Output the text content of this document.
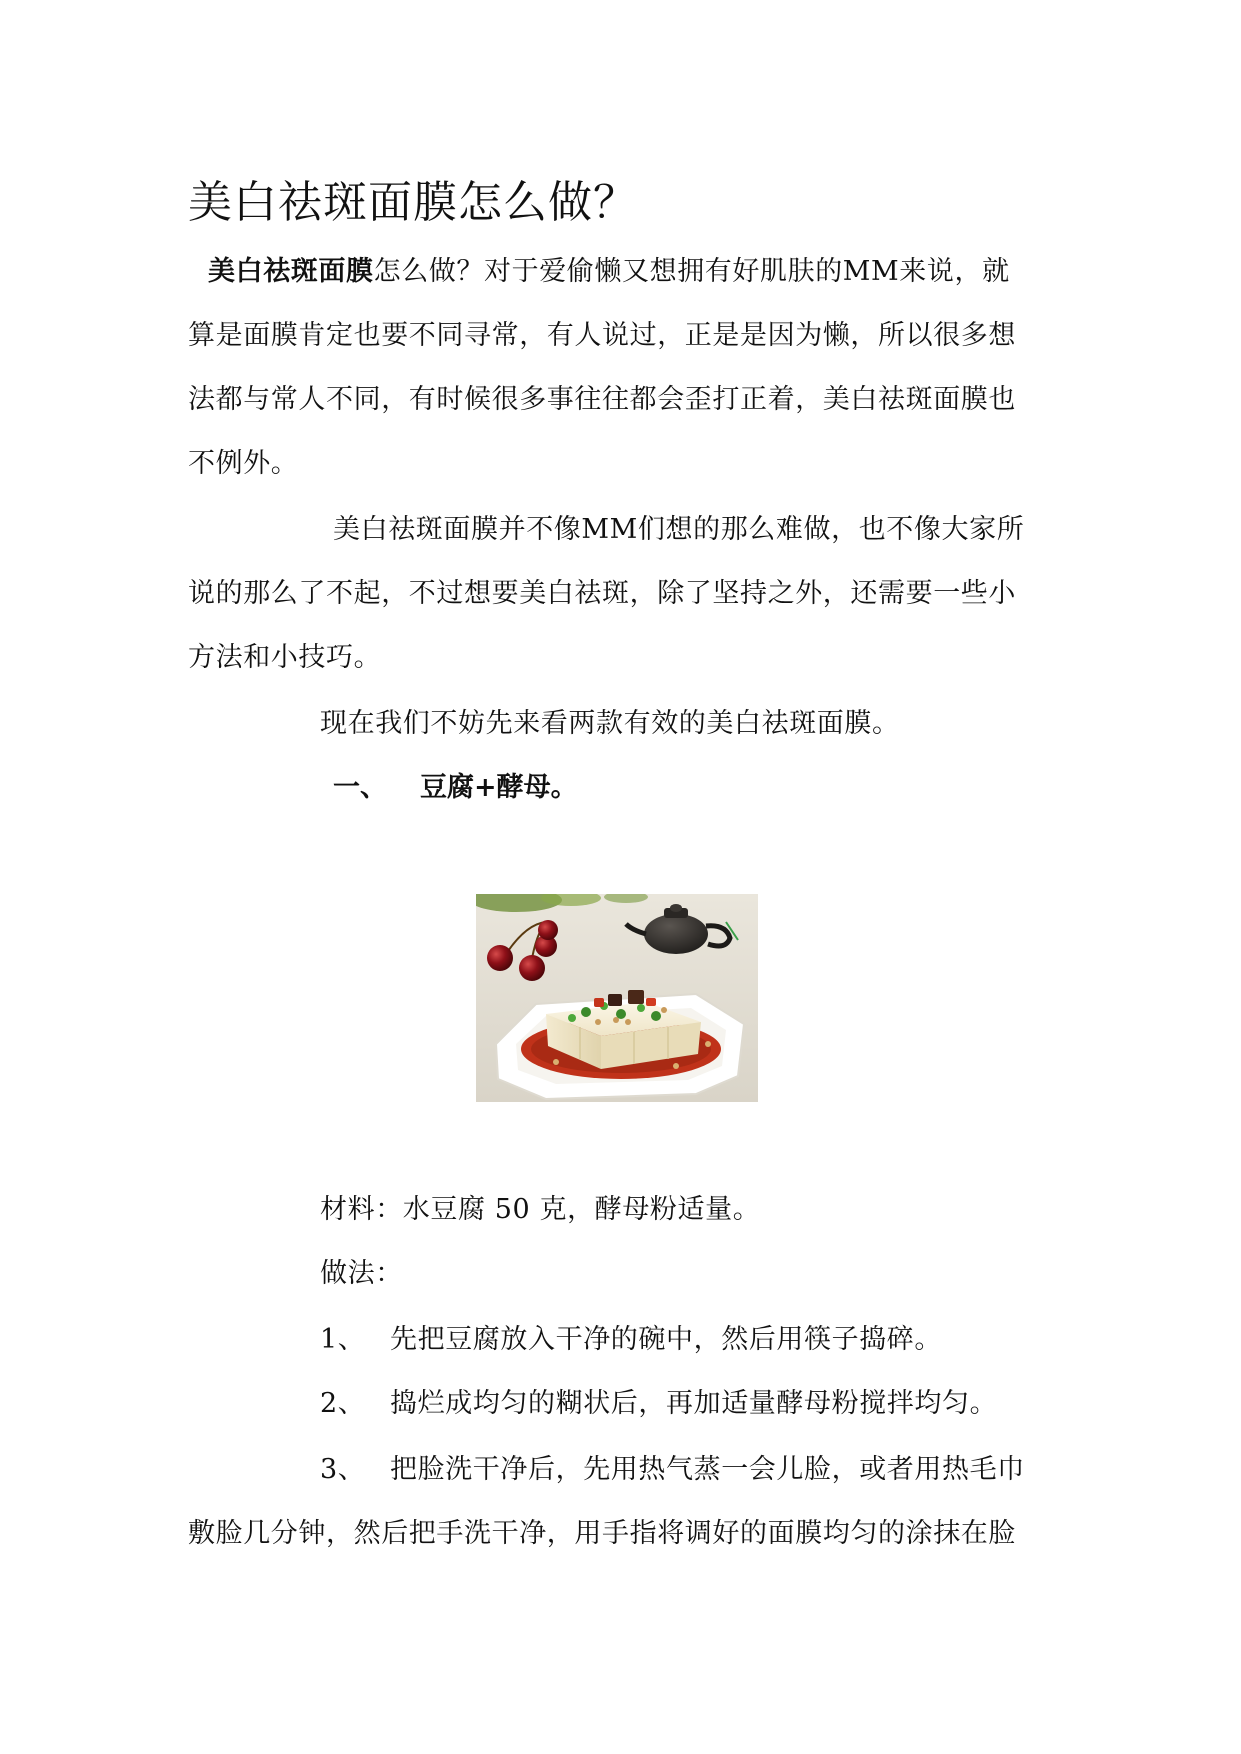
美白祛斑面膜怎么做？
美白祛斑面膜怎么做？对于爱偷懒又想拥有好肌肤的MM来说，就
算是面膜肯定也要不同寻常，有人说过，正是是因为懒，所以很多想
法都与常人不同，有时候很多事往往都会歪打正着，美白祛斑面膜也
不例外。
美白祛斑面膜并不像MM们想的那么难做，也不像大家所
说的那么了不起，不过想要美白祛斑，除了坚持之外，还需要一些小
方法和小技巧。
现在我们不妨先来看两款有效的美白祛斑面膜。
一、 豆腐+酵母。
材料：水豆腐 50 克，酵母粉适量。
做法：
1、 先把豆腐放入干净的碗中，然后用筷子捣碎。
2、 捣烂成均匀的糊状后，再加适量酵母粉搅拌均匀。
3、 把脸洗干净后，先用热气蒸一会儿脸，或者用热毛巾
敷脸几分钟，然后把手洗干净，用手指将调好的面膜均匀的涂抹在脸
